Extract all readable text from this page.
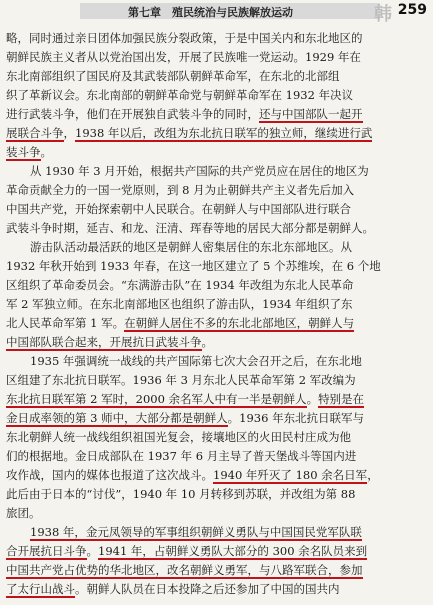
第七章　殖民统治与民族解放运动	韩 259
略，同时通过亲日团体加强民族分裂政策，于是中国关内和东北地区的
朝鲜民族主义者从以党治国出发，开展了民族唯一党运动。1929 年在
东北南部组织了国民府及其武装部队朝鲜革命军，在东北的北部组
织了革新议会。东北南部的朝鲜革命党与朝鲜革命军在 1932 年决议
进行武装斗争，他们在开展独自武装斗争的同时，还与中国部队一起开
展联合斗争，1938 年以后，改组为东北抗日联军的独立师，继续进行武
装斗争。
从 1930 年 3 月开始，根据共产国际的共产党员应在居住的地区为
革命贡献全力的一国一党原则，到 8 月为止朝鲜共产主义者先后加入
中国共产党，开始探索朝中人民联合。在朝鲜人与中国部队进行联合
武装斗争时期，延吉、和龙、汪清、珲春等地的居民大部分都是朝鲜人。
游击队活动最活跃的地区是朝鲜人密集居住的东北东部地区。从
1932 年秋开始到 1933 年春，在这一地区建立了 5 个苏维埃，在 6 个地
区组织了革命委员会。“东满游击队”在 1934 年改组为东北人民革命
军 2 军独立师。在东北南部地区也组织了游击队，1934 年组织了东
北人民革命军第 1 军。在朝鲜人居住不多的东北北部地区，朝鲜人与
中国部队联合起来，开展抗日武装斗争。
1935 年强调统一战线的共产国际第七次大会召开之后，在东北地
区组建了东北抗日联军。1936 年 3 月东北人民革命军第 2 军改编为
东北抗日联军第 2 军时，2000 余名军人中有一半是朝鲜人。特别是在
金日成率领的第 3 师中，大部分都是朝鲜人。1936 年东北抗日联军与
东北朝鲜人统一战线组织祖国光复会，接壤地区的火田民村庄成为他
们的根据地。金日成部队在 1937 年 6 月主导了普天堡战斗等国内进
攻作战，国内的媒体也报道了这次战斗。1940 年歼灭了 180 余名日军，
此后由于日本的“讨伐”，1940 年 10 月转移到苏联，并改组为第 88
旅团。
1938 年，金元凤领导的军事组织朝鲜义勇队与中国国民党军队联
合开展抗日斗争。1941 年，占朝鲜义勇队大部分的 300 余名队员来到
中国共产党占优势的华北地区，改名朝鲜义勇军，与八路军联合，参加
了太行山战斗。朝鲜人队员在日本投降之后还参加了中国的国共内
